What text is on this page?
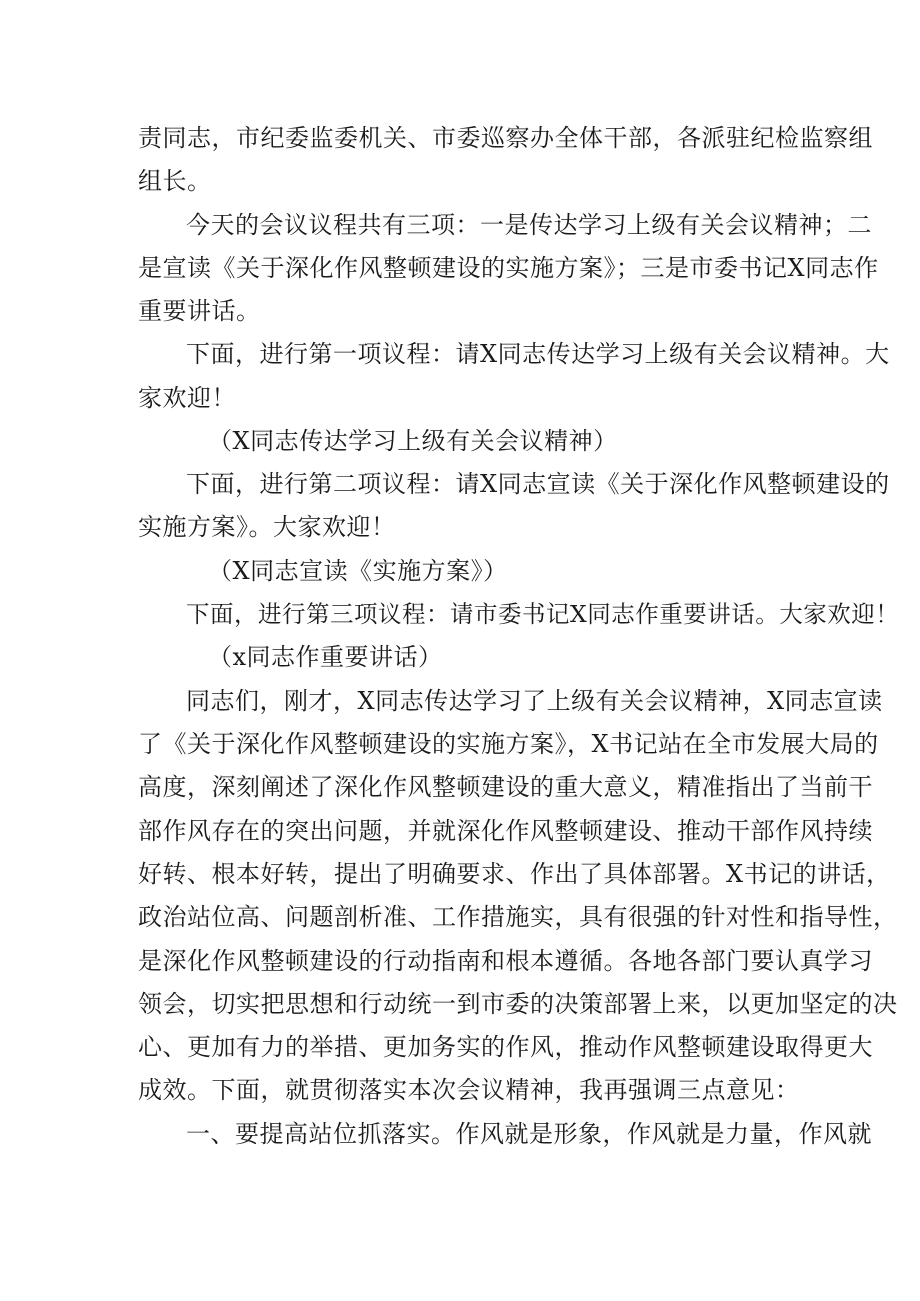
责同志，市纪委监委机关、市委巡察办全体干部，各派驻纪检监察组
组长。
今天的会议议程共有三项：一是传达学习上级有关会议精神；二
是宣读《关于深化作风整顿建设的实施方案》；三是市委书记X同志作
重要讲话。
下面，进行第一项议程：请X同志传达学习上级有关会议精神。大
家欢迎！
（X同志传达学习上级有关会议精神）
下面，进行第二项议程：请X同志宣读《关于深化作风整顿建设的
实施方案》。大家欢迎！
（X同志宣读《实施方案》）
下面，进行第三项议程：请市委书记X同志作重要讲话。大家欢迎！
（x同志作重要讲话）
同志们，刚才，X同志传达学习了上级有关会议精神，X同志宣读
了《关于深化作风整顿建设的实施方案》，X书记站在全市发展大局的
高度，深刻阐述了深化作风整顿建设的重大意义，精准指出了当前干
部作风存在的突出问题，并就深化作风整顿建设、推动干部作风持续
好转、根本好转，提出了明确要求、作出了具体部署。X书记的讲话，
政治站位高、问题剖析准、工作措施实，具有很强的针对性和指导性，
是深化作风整顿建设的行动指南和根本遵循。各地各部门要认真学习
领会，切实把思想和行动统一到市委的决策部署上来，以更加坚定的决
心、更加有力的举措、更加务实的作风，推动作风整顿建设取得更大
成效。下面，就贯彻落实本次会议精神，我再强调三点意见：
一、要提高站位抓落实。作风就是形象，作风就是力量，作风就
